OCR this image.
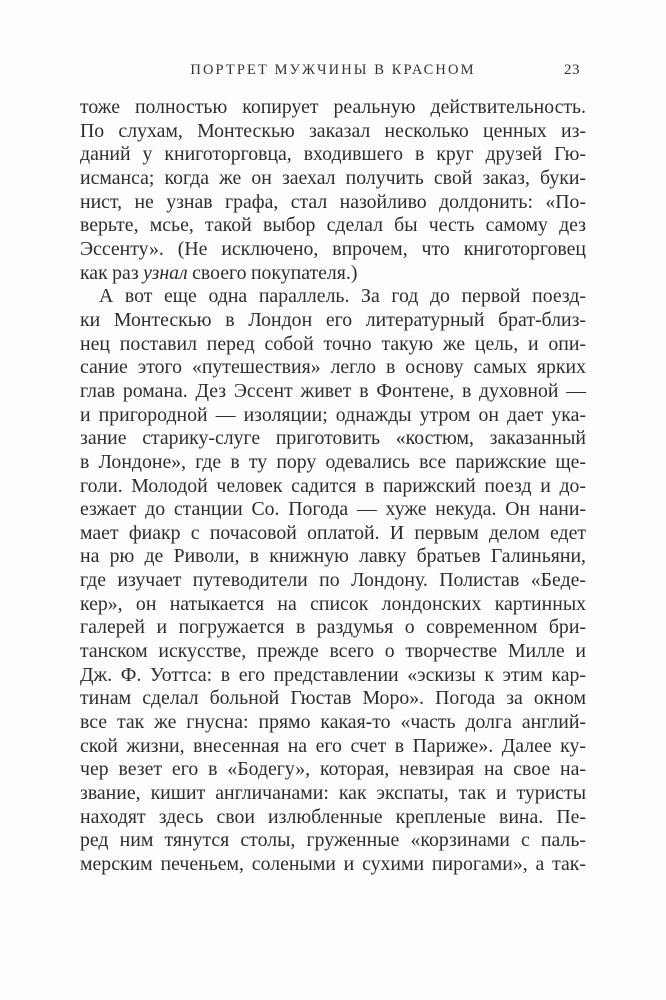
ПОРТРЕТ МУЖЧИНЫ В КРАСНОМ	23
тоже полностью копирует реальную действительность.
По слухам, Монтескью заказал несколько ценных из-
даний у книготорговца, входившего в круг друзей Гю-
исманса; когда же он заехал получить свой заказ, буки-
нист, не узнав графа, стал назойливо долдонить: «По-
верьте, мсье, такой выбор сделал бы честь самому дез
Эссенту». (Не исключено, впрочем, что книготорговец
как раз узнал своего покупателя.)
А вот еще одна параллель. За год до первой поезд-
ки Монтескью в Лондон его литературный брат-близ-
нец поставил перед собой точно такую же цель, и опи-
сание этого «путешествия» легло в основу самых ярких
глав романа. Дез Эссент живет в Фонтене, в духовной —
и пригородной — изоляции; однажды утром он дает ука-
зание старику-слуге приготовить «костюм, заказанный
в Лондоне», где в ту пору одевались все парижские ще-
голи. Молодой человек садится в парижский поезд и до-
езжает до станции Со. Погода — хуже некуда. Он нани-
мает фиакр с почасовой оплатой. И первым делом едет
на рю де Риволи, в книжную лавку братьев Галиньяни,
где изучает путеводители по Лондону. Полистав «Беде-
кер», он натыкается на список лондонских картинных
галерей и погружается в раздумья о современном бри-
танском искусстве, прежде всего о творчестве Милле и
Дж. Ф. Уоттса: в его представлении «эскизы к этим кар-
тинам сделал больной Гюстав Моро». Погода за окном
все так же гнусна: прямо какая-то «часть долга англий-
ской жизни, внесенная на его счет в Париже». Далее ку-
чер везет его в «Бодегу», которая, невзирая на свое на-
звание, кишит англичанами: как экспаты, так и туристы
находят здесь свои излюбленные крепленые вина. Пе-
ред ним тянутся столы, груженные «корзинами с паль-
мерским печеньем, солеными и сухими пирогами», а так-
